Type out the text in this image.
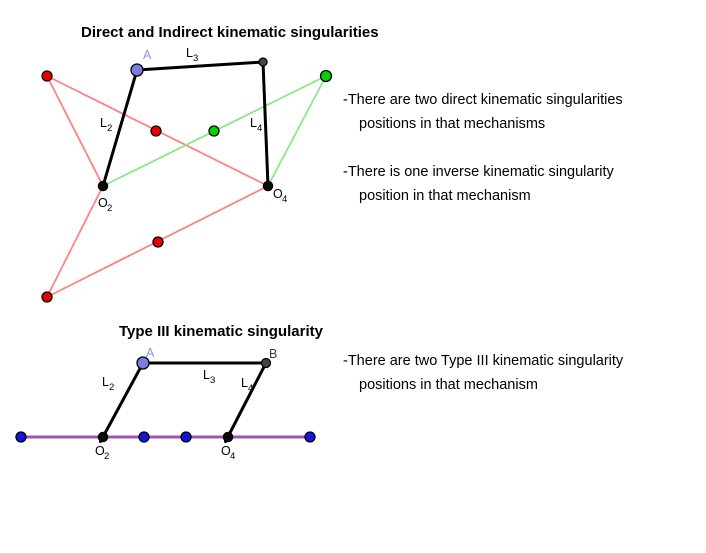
A	L 3
L 2	L 4
O 2
O 4
A	B
L 2
L 3 L 4
O 2	O 4
Direct and Indirect kinematic singularities
Type III kinematic singularity
-There are two direct kinematic singularities
positions in that mechanisms
-There is one inverse kinematic singularity
position in that mechanism
-There are two Type III kinematic singularity
positions in that mechanism
